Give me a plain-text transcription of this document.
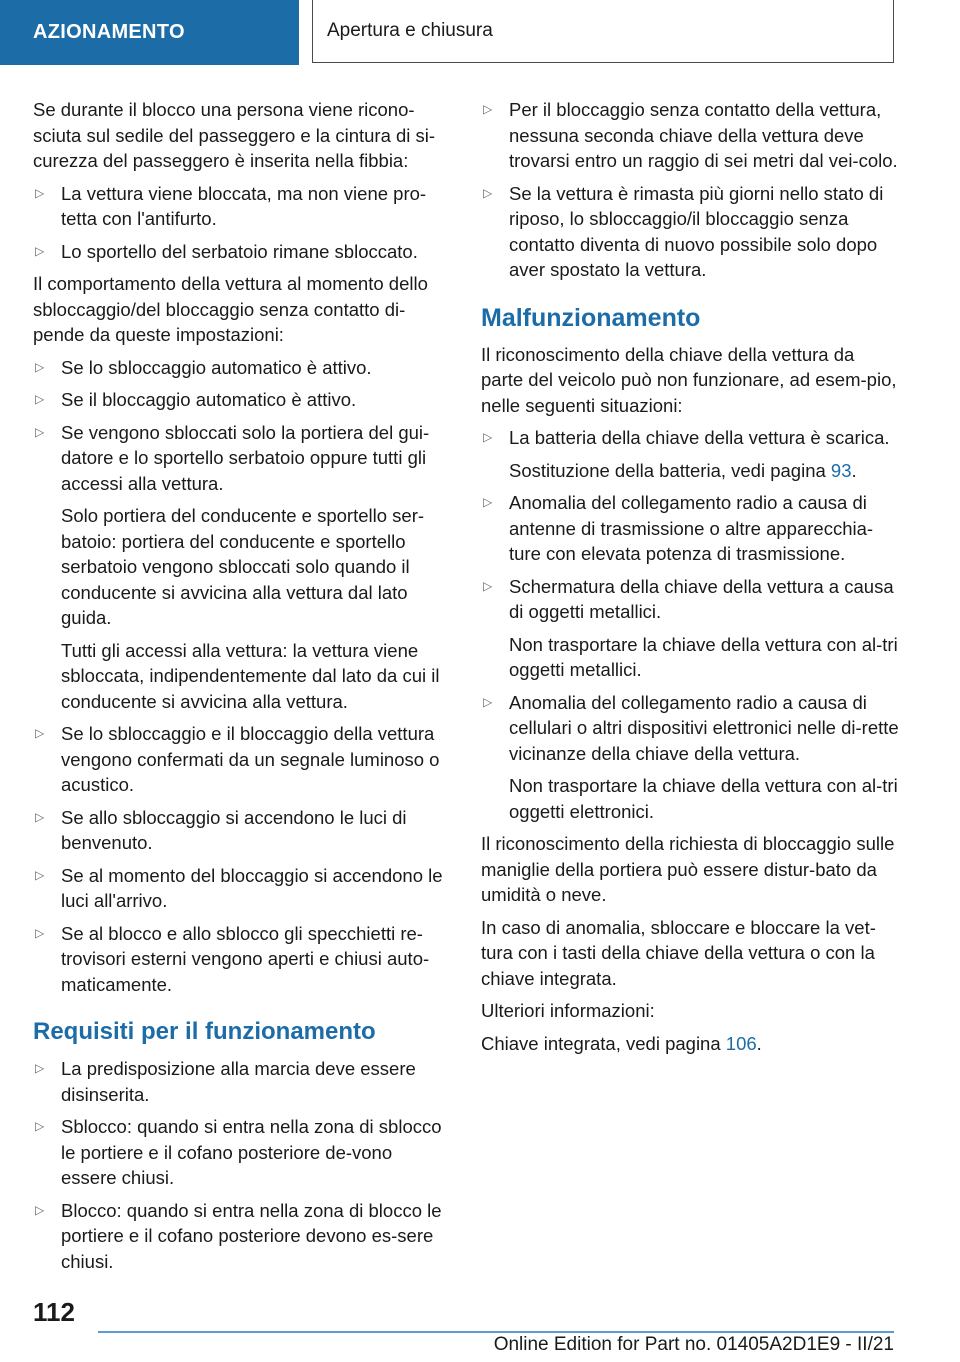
AZIONAMENTO	Apertura e chiusura

Se durante il blocco una persona viene ricono-sciuta sul sedile del passeggero e la cintura di si-curezza del passeggero è inserita nella fibbia:

▷ La vettura viene bloccata, ma non viene pro-tetta con l'antifurto.
▷ Lo sportello del serbatoio rimane sbloccato.

Il comportamento della vettura al momento dello sbloccaggio/del bloccaggio senza contatto di-pende da queste impostazioni:

▷ Se lo sbloccaggio automatico è attivo.
▷ Se il bloccaggio automatico è attivo.
▷ Se vengono sbloccati solo la portiera del gui-datore e lo sportello serbatoio oppure tutti gli accessi alla vettura.

Solo portiera del conducente e sportello ser-batoio: portiera del conducente e sportello serbatoio vengono sbloccati solo quando il conducente si avvicina alla vettura dal lato guida.

Tutti gli accessi alla vettura: la vettura viene sbloccata, indipendentemente dal lato da cui il conducente si avvicina alla vettura.

▷ Se lo sbloccaggio e il bloccaggio della vettura vengono confermati da un segnale luminoso o acustico.
▷ Se allo sbloccaggio si accendono le luci di benvenuto.
▷ Se al momento del bloccaggio si accendono le luci all'arrivo.
▷ Se al blocco e allo sblocco gli specchietti re-trovisori esterni vengono aperti e chiusi auto-maticamente.
Requisiti per il funzionamento
▷ La predisposizione alla marcia deve essere disinserita.
▷ Sblocco: quando si entra nella zona di sblocco le portiere e il cofano posteriore de-vono essere chiusi.
▷ Blocco: quando si entra nella zona di blocco le portiere e il cofano posteriore devono es-sere chiusi.
▷ Per il bloccaggio senza contatto della vettura, nessuna seconda chiave della vettura deve trovarsi entro un raggio di sei metri dal vei-colo.
▷ Se la vettura è rimasta più giorni nello stato di riposo, lo sbloccaggio/il bloccaggio senza contatto diventa di nuovo possibile solo dopo aver spostato la vettura.
Malfunzionamento

Il riconoscimento della chiave della vettura da parte del veicolo può non funzionare, ad esem-pio, nelle seguenti situazioni:

▷ La batteria della chiave della vettura è scarica.

Sostituzione della batteria, vedi pagina 93.

▷ Anomalia del collegamento radio a causa di antenne di trasmissione o altre apparecchia-ture con elevata potenza di trasmissione.
▷ Schermatura della chiave della vettura a causa di oggetti metallici.

Non trasportare la chiave della vettura con al-tri oggetti metallici.

▷ Anomalia del collegamento radio a causa di cellulari o altri dispositivi elettronici nelle di-rette vicinanze della chiave della vettura.

Non trasportare la chiave della vettura con al-tri oggetti elettronici.

Il riconoscimento della richiesta di bloccaggio sulle maniglie della portiera può essere distur-bato da umidità o neve.

In caso di anomalia, sbloccare e bloccare la vet-tura con i tasti della chiave della vettura o con la chiave integrata.

Ulteriori informazioni:

Chiave integrata, vedi pagina 106.

112
Online Edition for Part no. 01405A2D1E9 - II/21
